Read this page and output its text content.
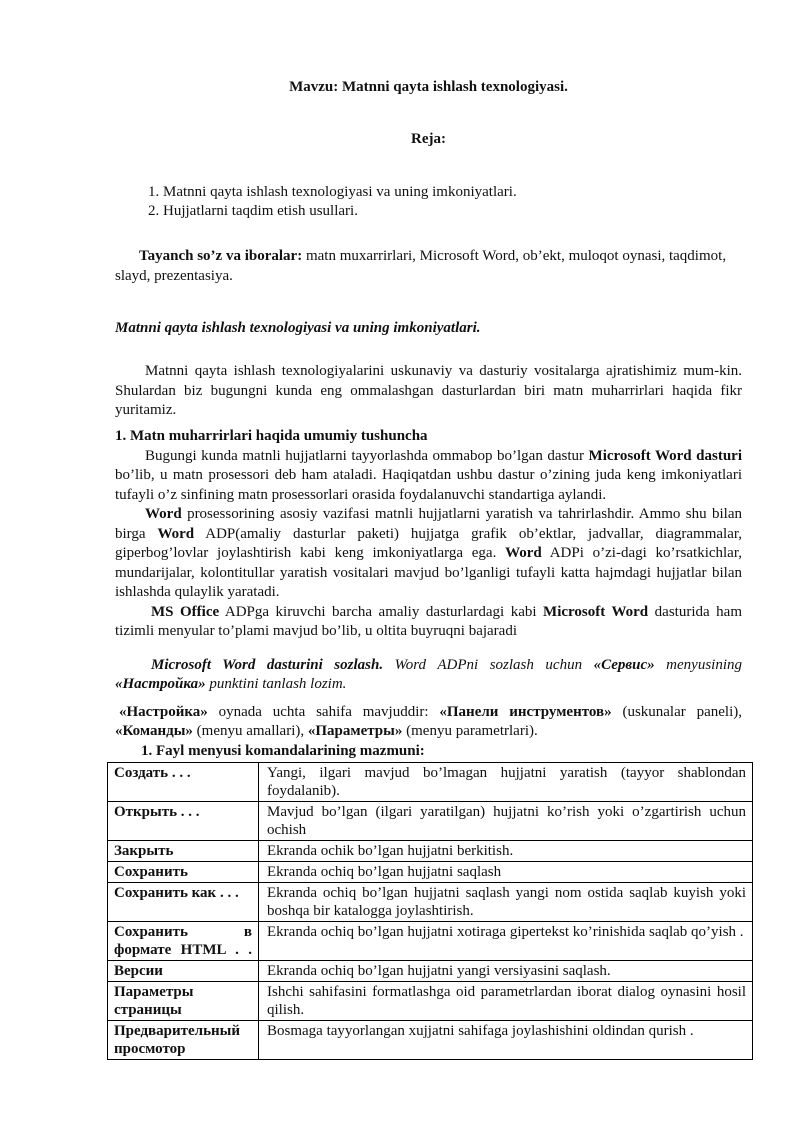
Mavzu: Matnni qayta ishlash texnologiyasi.
Reja:
1. Matnni qayta ishlash texnologiyasi va uning imkoniyatlari.
2. Hujjatlarni taqdim etish usullari.
Tayanch so’z va iboralar: matn muxarrirlari, Microsoft Word, ob’ekt, muloqot oynasi, taqdimot, slayd, prezentasiya.
Matnni qayta ishlash texnologiyasi va uning imkoniyatlari.
Matnni qayta ishlash texnologiyalarini uskunaviy va dasturiy vositalarga ajratishimiz mum-kin. Shulardan biz bugungni kunda eng ommalashgan dasturlardan biri matn muharrirlari haqida fikr yuritamiz.

1. Matn muharrirlari haqida umumiy tushuncha

Bugungi kunda matnli hujjatlarni tayyorlashda ommabop bo’lgan dastur Microsoft Word dasturi bo’lib, u matn prosessori deb ham ataladi. Haqiqatdan ushbu dastur o’zining juda keng imkoniyatlari tufayli o’z sinfining matn prosessorlari orasida foydalanuvchi standartiga aylandi.

Word prosessorining asosiy vazifasi matnli hujjatlarni yaratish va tahrirlashdir. Ammo shu bilan birga Word ADP(amaliy dasturlar paketi) hujjatga grafik ob’ektlar, jadvallar, diagrammalar, giperbog’lovlar joylashtirish kabi keng imkoniyatlarga ega. Word ADPi o’zi-dagi ko’rsatkichlar, mundarijalar, kolontitullar yaratish vositalari mavjud bo’lganligi tufayli katta hajmdagi hujjatlar bilan ishlashda qulaylik yaratadi.

MS Office ADPga kiruvchi barcha amaliy dasturlardagi kabi Microsoft Word dasturida ham tizimli menyular to’plami mavjud bo’lib, u oltita buyruqni bajaradi

Microsoft Word dasturini sozlash. Word ADPni sozlash uchun «Сервис» menyusining «Настройка» punktini tanlash lozim.

«Настройка» oynada uchta sahifa mavjuddir: «Панели инструментов» (uskunalar paneli), «Команды» (menyu amallari), «Параметры» (menyu parametrlari).

1. Fayl menyusi komandalarining mazmuni:

Создать . . .	Yangi, ilgari mavjud bo’lmagan hujjatni yaratish (tayyor shablondan foydalanib).
Открыть . . .	Mavjud bo’lgan (ilgari yaratilgan) hujjatni ko’rish yoki o’zgartirish uchun ochish
Закрыть	Ekranda ochik bo’lgan hujjatni berkitish.
Сохранить	Ekranda ochiq bo’lgan hujjatni saqlash
Сохранить как . . .	Ekranda ochiq bo’lgan hujjatni saqlash yangi nom ostida saqlab kuyish yoki boshqa bir katalogga joylashtirish.
Сохранить в формате HTML . .	Ekranda ochiq bo’lgan hujjatni xotiraga gipertekst ko’rinishida saqlab qo’yish .
Версии	Ekranda ochiq bo’lgan hujjatni yangi versiyasini saqlash.
Параметры страницы	Ishchi sahifasini formatlashga oid parametrlardan iborat dialog oynasini hosil qilish.
Предварительный просмотор	Bosmaga tayyorlangan xujjatni sahifaga joylashishini oldindan qurish .
